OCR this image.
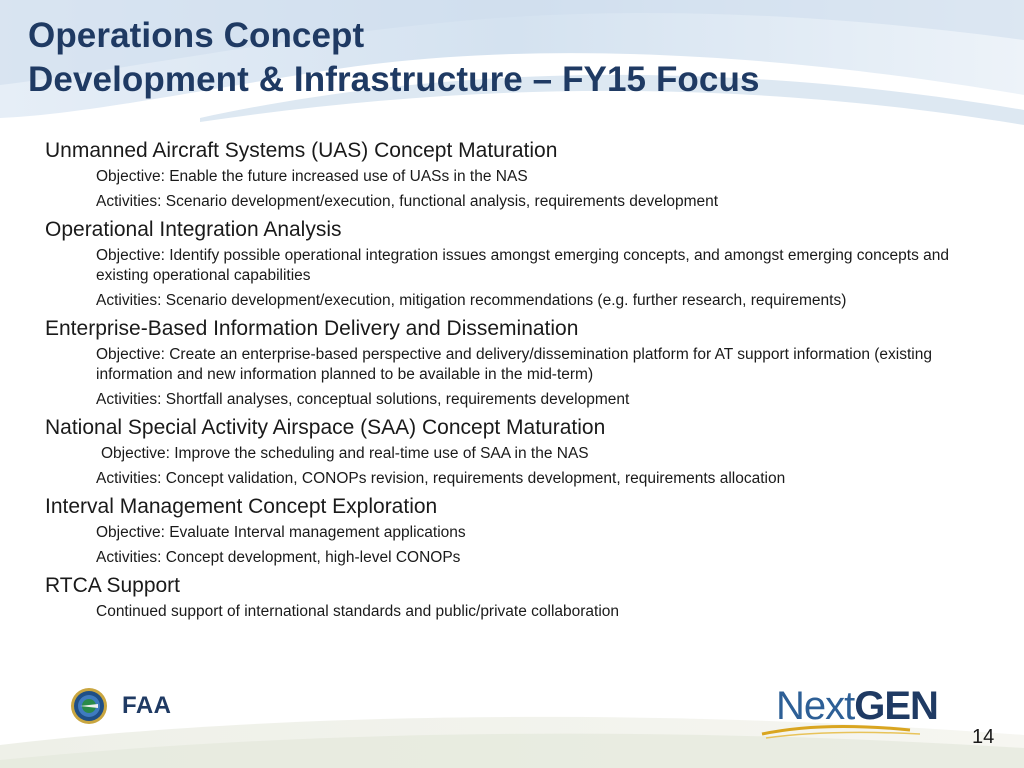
Operations Concept
Development & Infrastructure – FY15 Focus
Unmanned Aircraft Systems (UAS) Concept Maturation
Objective: Enable the future increased use of UASs in the NAS
Activities: Scenario development/execution, functional analysis, requirements development
Operational Integration Analysis
Objective: Identify possible operational integration issues amongst emerging concepts, and amongst emerging concepts and existing operational capabilities
Activities: Scenario development/execution, mitigation recommendations (e.g. further research, requirements)
Enterprise-Based Information Delivery and Dissemination
Objective: Create an enterprise-based perspective and delivery/dissemination platform for AT support information (existing information and new information planned to be available in the mid-term)
Activities: Shortfall analyses, conceptual solutions, requirements development
National Special Activity Airspace (SAA) Concept Maturation
Objective: Improve the scheduling and real-time use of SAA in the NAS
Activities: Concept validation, CONOPs revision, requirements development, requirements allocation
Interval Management Concept Exploration
Objective: Evaluate Interval management applications
Activities: Concept development, high-level CONOPs
RTCA Support
Continued support of international standards and public/private collaboration
FAA	NextGEN
14
